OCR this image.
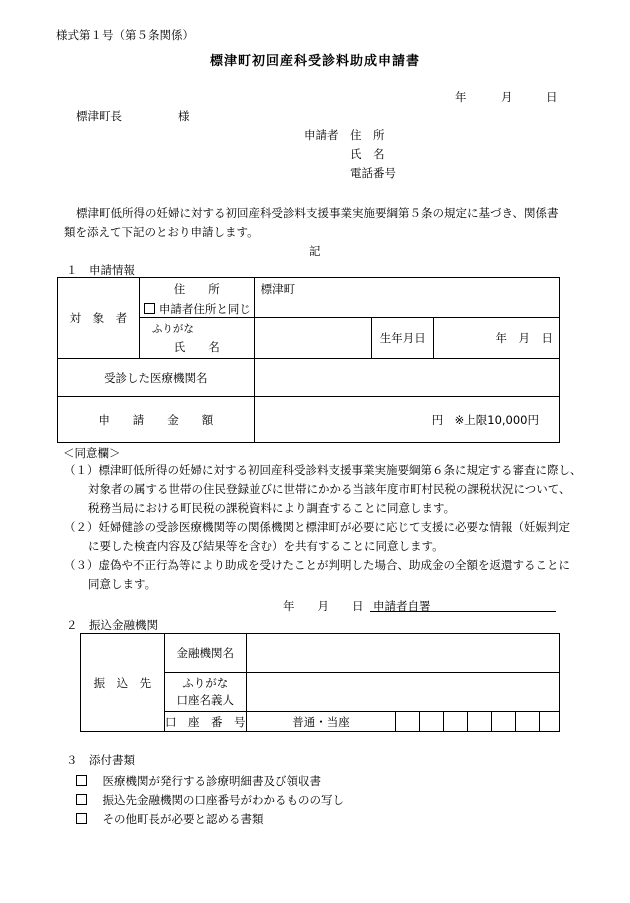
様式第１号（第５条関係）
標津町初回産科受診料助成申請書
年	月	日
標津町長	様
申請者 住　所
氏　名
電話番号
標津町低所得の妊婦に対する初回産科受診料支援事業実施要綱第５条の規定に基づき、関係書
類を添えて下記のとおり申請します。
記
１　申請情報
対　象　者	住　　所
申請者住所と同じ	標津町		

	ふりがな
氏　　名		生年月日	年　月　日
受診した医療機関名				
申　　請　　金　　額		円　※上限10,000円		
＜同意欄＞
（１）標津町低所得の妊婦に対する初回産科受診料支援事業実施要綱第６条に規定する審査に際し、
対象者の属する世帯の住民登録並びに世帯にかかる当該年度市町村民税の課税状況について、
税務当局における町民税の課税資料により調査することに同意します。
（２）妊婦健診の受診医療機関等の関係機関と標津町が必要に応じて支援に必要な情報（妊娠判定
に要した検査内容及び結果等を含む）を共有することに同意します。
（３）虚偽や不正行為等により助成を受けたことが判明した場合、助成金の全額を返還することに
同意します。
年　　月　　日 申請者自署
２　振込金融機関
振　込　先	金融機関名								

	ふりがな
口座名義人								

	口　座　番　号	普通・当座							
３　添付書類
　医療機関が発行する診療明細書及び領収書
　振込先金融機関の口座番号がわかるものの写し
　その他町長が必要と認める書類
